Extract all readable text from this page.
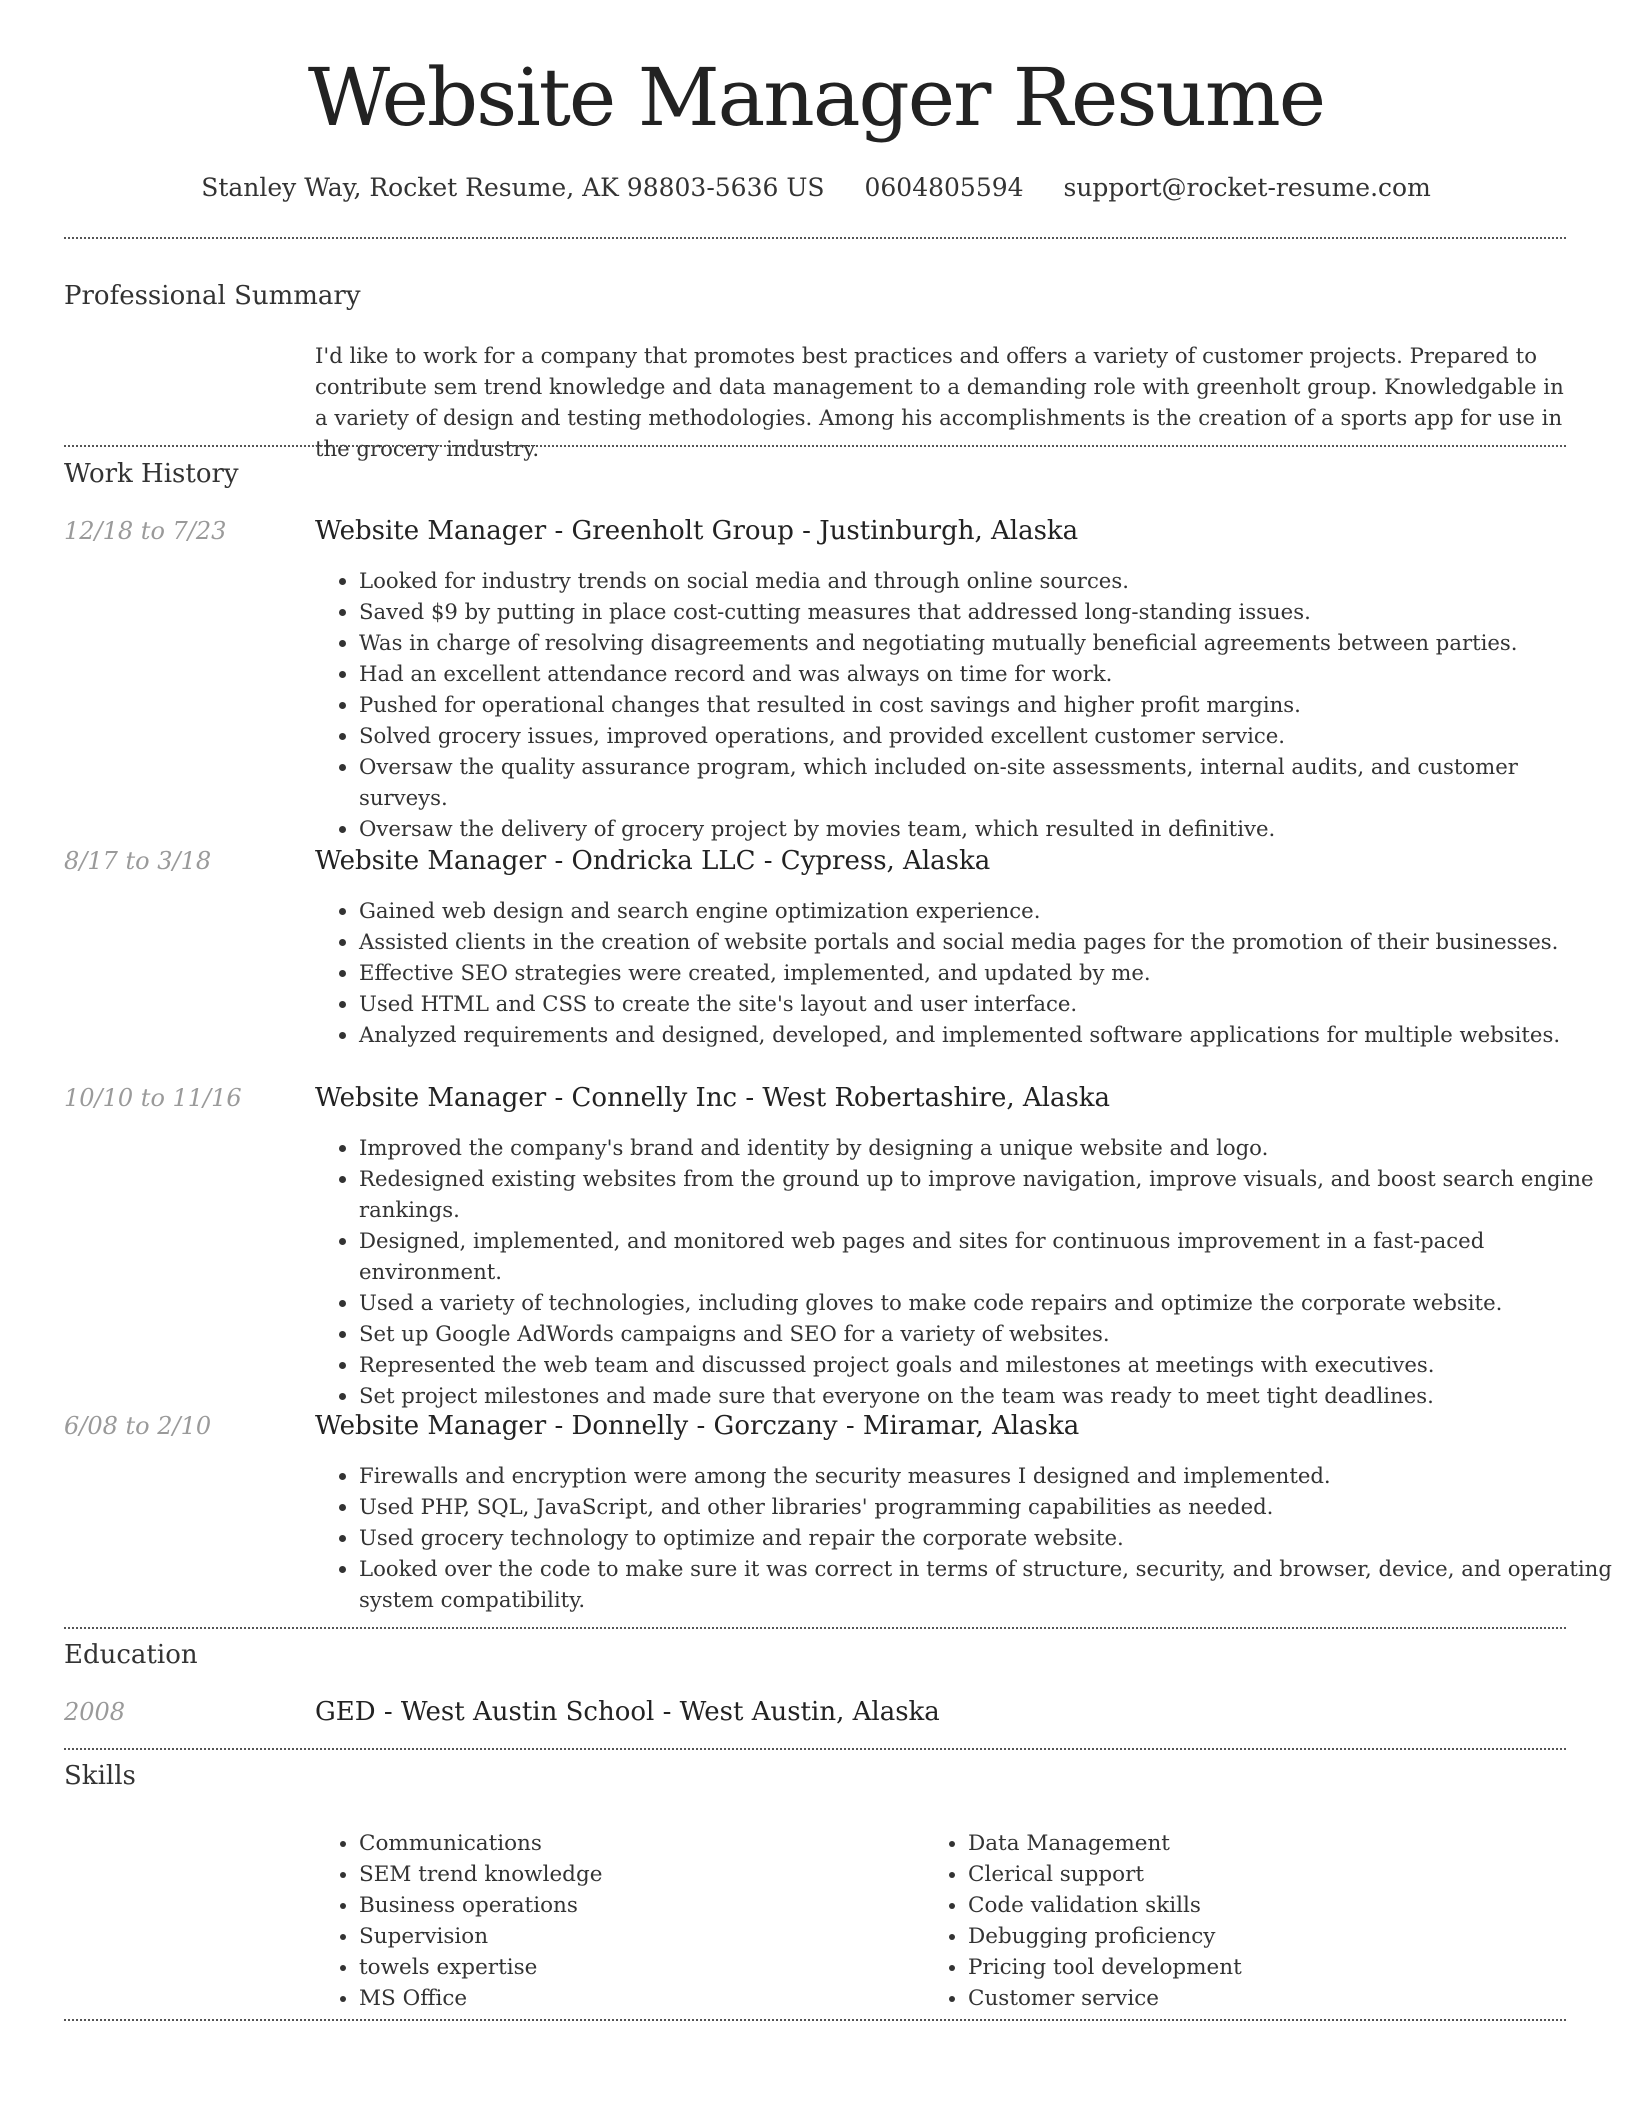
Website Manager Resume
Stanley Way, Rocket Resume, AK 98803-5636 US 0604805594 support@rocket-resume.com
Professional Summary
I'd like to work for a company that promotes best practices and offers a variety of customer projects. Prepared to contribute sem trend knowledge and data management to a demanding role with greenholt group. Knowledgable in a variety of design and testing methodologies. Among his accomplishments is the creation of a sports app for use in the grocery industry.
Work History
12/18 to 7/23	Website Manager - Greenholt Group - Justinburgh, Alaska
• Looked for industry trends on social media and through online sources.
• Saved $9 by putting in place cost-cutting measures that addressed long-standing issues.
• Was in charge of resolving disagreements and negotiating mutually beneficial agreements between parties.
• Had an excellent attendance record and was always on time for work.
• Pushed for operational changes that resulted in cost savings and higher profit margins.
• Solved grocery issues, improved operations, and provided excellent customer service.
• Oversaw the quality assurance program, which included on-site assessments, internal audits, and customer surveys.
• Oversaw the delivery of grocery project by movies team, which resulted in definitive.
8/17 to 3/18	Website Manager - Ondricka LLC - Cypress, Alaska
• Gained web design and search engine optimization experience.
• Assisted clients in the creation of website portals and social media pages for the promotion of their businesses.
• Effective SEO strategies were created, implemented, and updated by me.
• Used HTML and CSS to create the site's layout and user interface.
• Analyzed requirements and designed, developed, and implemented software applications for multiple websites.
10/10 to 11/16	Website Manager - Connelly Inc - West Robertashire, Alaska
• Improved the company's brand and identity by designing a unique website and logo.
• Redesigned existing websites from the ground up to improve navigation, improve visuals, and boost search engine rankings.
• Designed, implemented, and monitored web pages and sites for continuous improvement in a fast-paced environment.
• Used a variety of technologies, including gloves to make code repairs and optimize the corporate website.
• Set up Google AdWords campaigns and SEO for a variety of websites.
• Represented the web team and discussed project goals and milestones at meetings with executives.
• Set project milestones and made sure that everyone on the team was ready to meet tight deadlines.
6/08 to 2/10	Website Manager - Donnelly - Gorczany - Miramar, Alaska
• Firewalls and encryption were among the security measures I designed and implemented.
• Used PHP, SQL, JavaScript, and other libraries' programming capabilities as needed.
• Used grocery technology to optimize and repair the corporate website.
• Looked over the code to make sure it was correct in terms of structure, security, and browser, device, and operating system compatibility.
Education
2008	GED - West Austin School - West Austin, Alaska
Skills
• Communications
• SEM trend knowledge
• Business operations
• Supervision
• towels expertise
• MS Office
• Data Management
• Clerical support
• Code validation skills
• Debugging proficiency
• Pricing tool development
• Customer service
